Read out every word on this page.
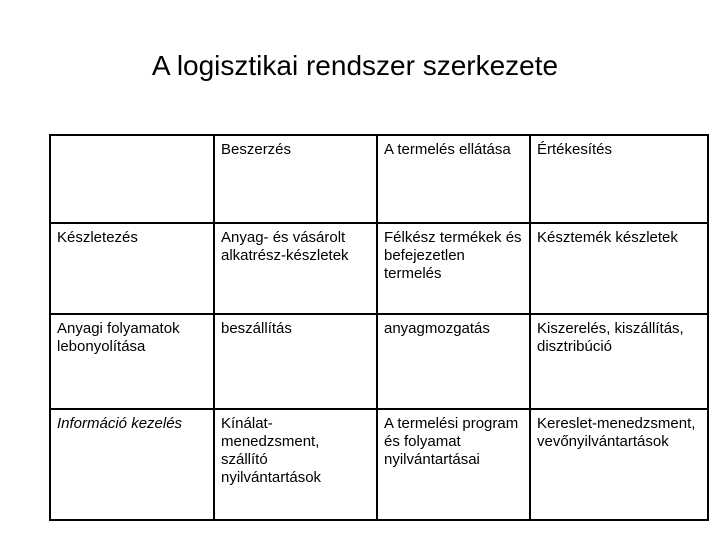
A logisztikai rendszer szerkezete
	Beszerzés	A termelés ellátása	Értékesítés
Készletezés	Anyag- és vásárolt alkatrész-készletek	Félkész termékek és befejezetlen termelés	Késztemék készletek
Anyagi folyamatok lebonyolítása	beszállítás	anyagmozgatás	Kiszerelés, kiszállítás, disztribúció
Információ kezelés	Kínálat-menedzsment, szállító nyilvántartások	A termelési program és folyamat nyilvántartásai	Kereslet-menedzsment, vevőnyilvántartások
